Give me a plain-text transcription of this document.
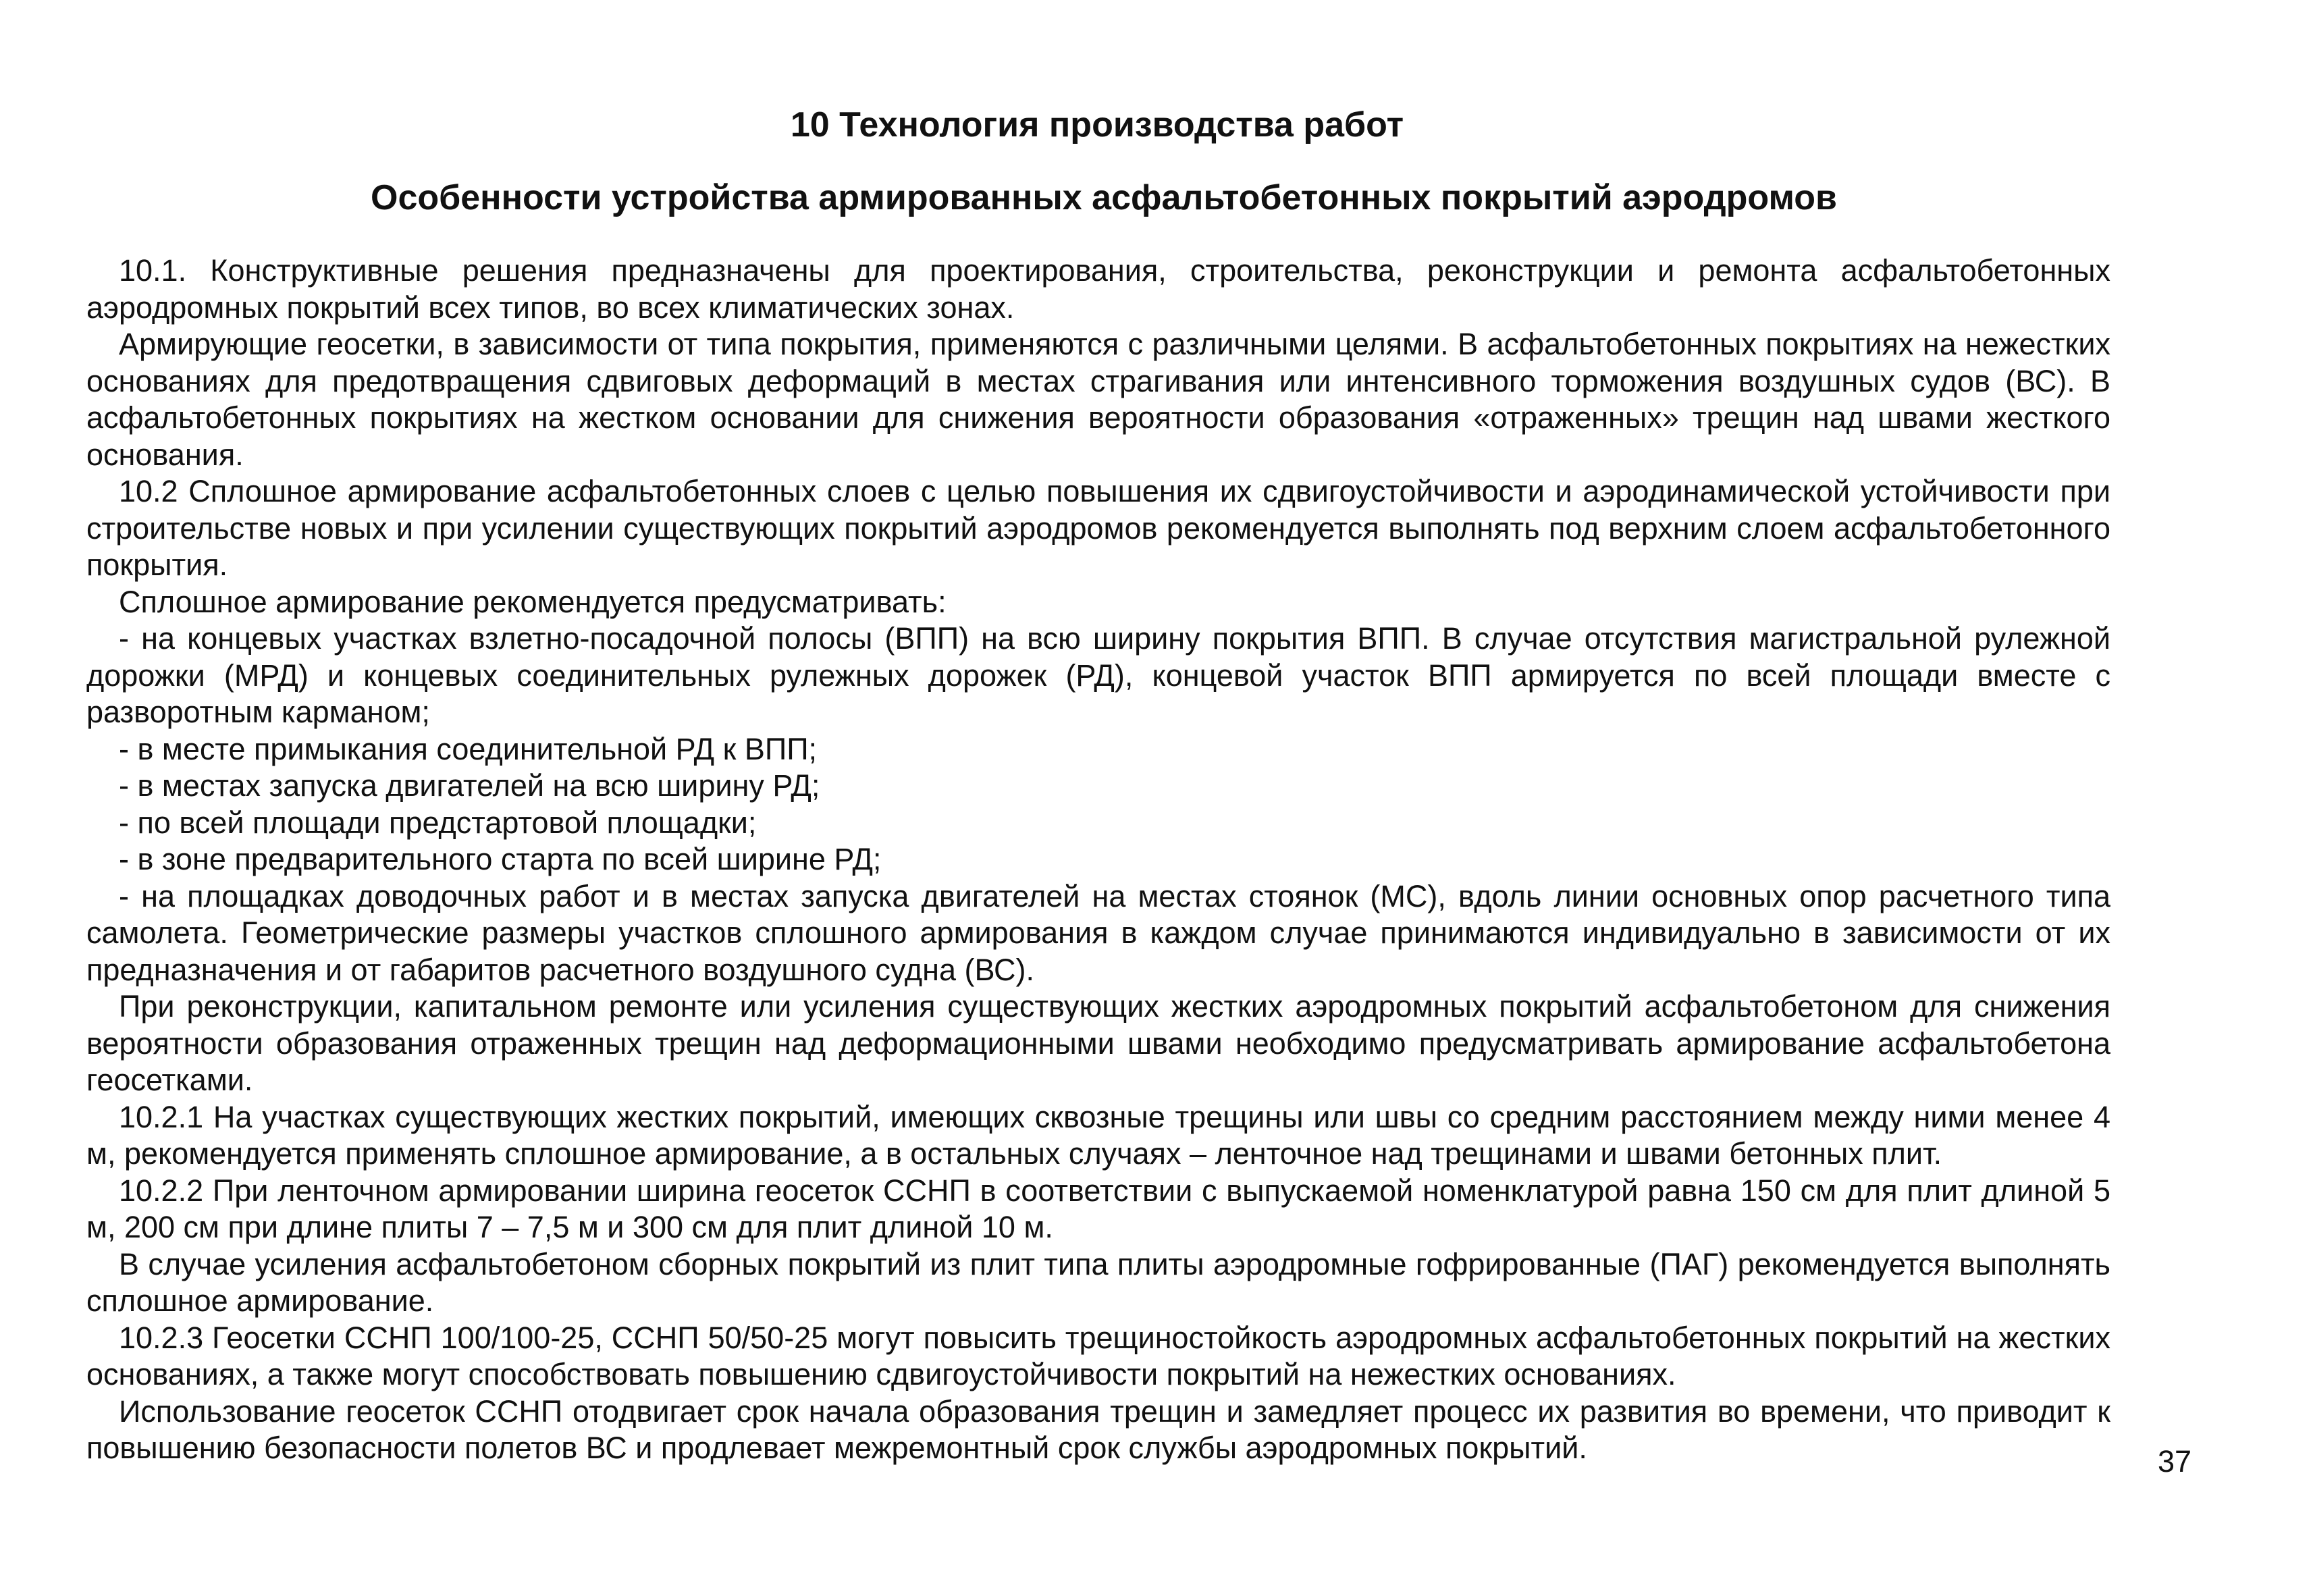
10 Технология производства работ
Особенности устройства армированных асфальтобетонных покрытий аэродромов

10.1. Конструктивные решения предназначены для проектирования, строительства, реконструкции и ремонта асфальтобетонных аэродромных покрытий всех типов, во всех климатических зонах.

Армирующие геосетки, в зависимости от типа покрытия, применяются с различными целями. В асфальтобетонных покрытиях на нежестких основаниях для предотвращения сдвиговых деформаций в местах страгивания или интенсивного торможения воздушных судов (ВС). В асфальтобетонных покрытиях на жестком основании для снижения вероятности образования «отраженных» трещин над швами жесткого основания.

10.2 Сплошное армирование асфальтобетонных слоев с целью повышения их сдвигоустойчивости и аэродинамической устойчивости при строительстве новых и при усилении существующих покрытий аэродромов рекомендуется выполнять под верхним слоем асфальтобетонного покрытия.

Сплошное армирование рекомендуется предусматривать:

- на концевых участках взлетно-посадочной полосы (ВПП) на всю ширину покрытия ВПП. В случае отсутствия магистральной рулежной дорожки (МРД) и концевых соединительных рулежных дорожек (РД), концевой участок ВПП армируется по всей площади вместе с разворотным карманом;

- в месте примыкания соединительной РД к ВПП;

- в местах запуска двигателей на всю ширину РД;

- по всей площади предстартовой площадки;

- в зоне предварительного старта по всей ширине РД;

- на площадках доводочных работ и в местах запуска двигателей на местах стоянок (МС), вдоль линии основных опор расчетного типа самолета. Геометрические размеры участков сплошного армирования в каждом случае принимаются индивидуально в зависимости от их предназначения и от габаритов расчетного воздушного судна (ВС).

При реконструкции, капитальном ремонте или усиления существующих жестких аэродромных покрытий асфальтобетоном для снижения вероятности образования отраженных трещин над деформационными швами необходимо предусматривать армирование асфальтобетона геосетками.

10.2.1 На участках существующих жестких покрытий, имеющих сквозные трещины или швы со средним расстоянием между ними менее 4 м, рекомендуется применять сплошное армирование, а в остальных случаях – ленточное над трещинами и швами бетонных плит.

10.2.2 При ленточном армировании ширина геосеток ССНП в соответствии с выпускаемой номенклатурой равна 150 см для плит длиной 5 м, 200 см при длине плиты 7 – 7,5 м и 300 см для плит длиной 10 м.

В случае усиления асфальтобетоном сборных покрытий из плит типа плиты аэродромные гофрированные (ПАГ) рекомендуется выполнять сплошное армирование.

10.2.3 Геосетки ССНП 100/100-25, ССНП 50/50-25 могут повысить трещиностойкость аэродромных асфальтобетонных покрытий на жестких основаниях, а также могут способствовать повышению сдвигоустойчивости покрытий на нежестких основаниях.

Использование геосеток ССНП отодвигает срок начала образования трещин и замедляет процесс их развития во времени, что приводит к повышению безопасности полетов ВС и продлевает межремонтный срок службы аэродромных покрытий.	37
